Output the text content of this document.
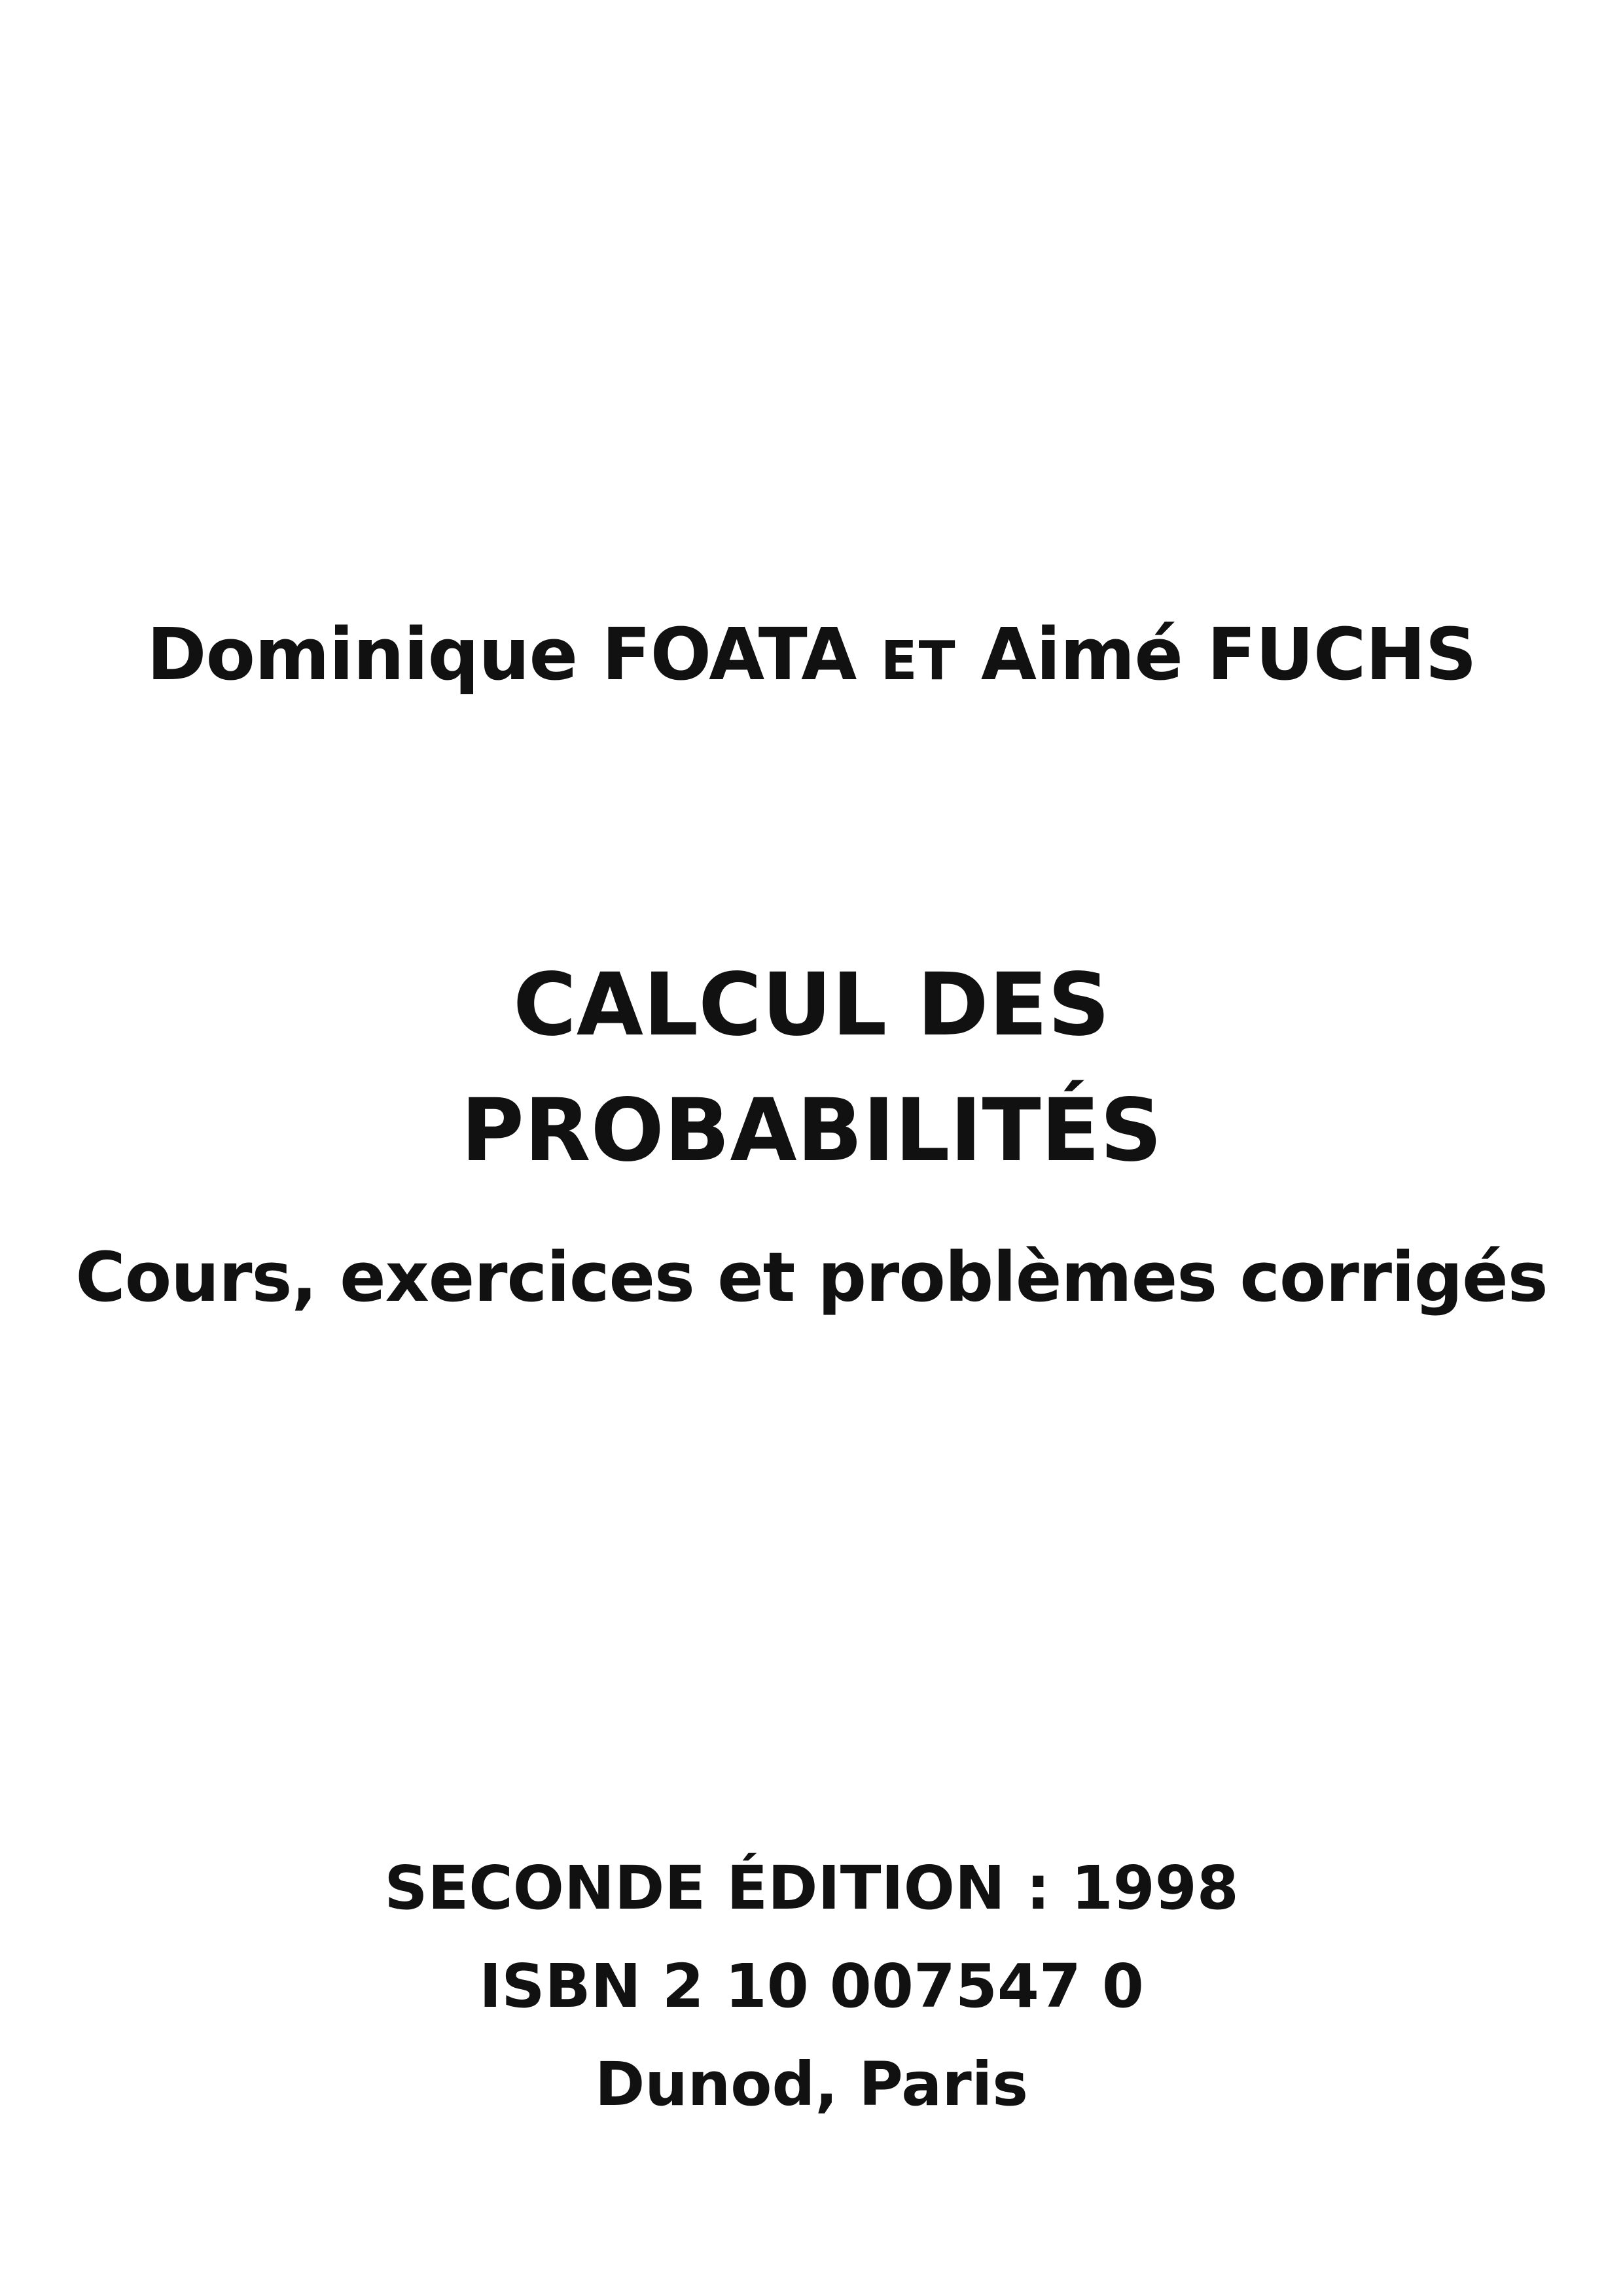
Dominique FOATA ET Aimé FUCHS
CALCUL DES
PROBABILITÉS
Cours, exercices et problèmes corrigés
SECONDE ÉDITION : 1998
ISBN 2 10 007547 0
Dunod, Paris
